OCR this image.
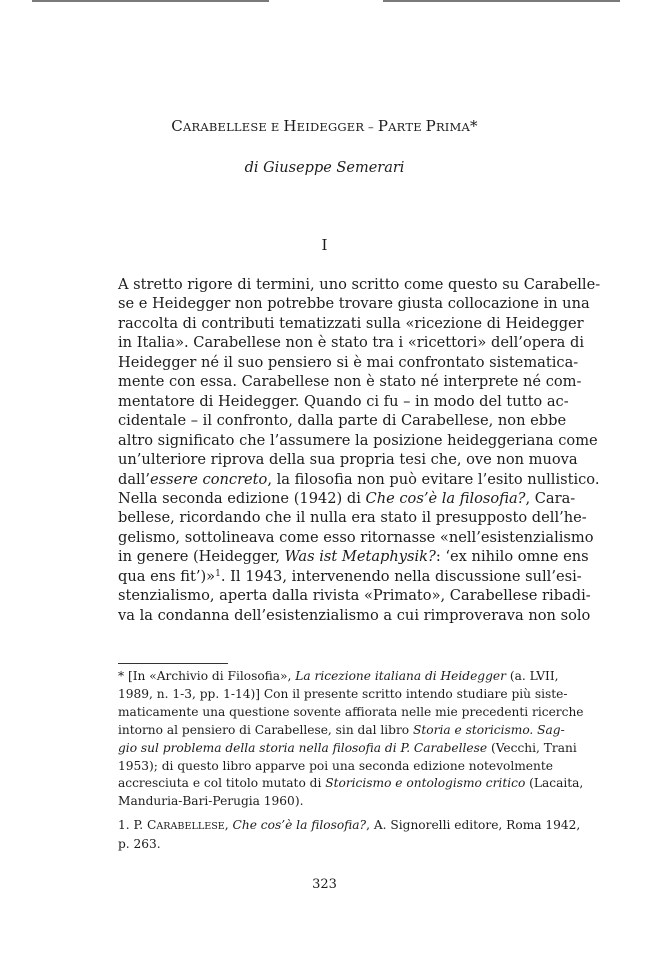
CARABELLESE E HEIDEGGER – PARTE PRIMA*
di Giuseppe Semerari
I
A stretto rigore di termini, uno scritto come questo su Carabelle-
se e Heidegger non potrebbe trovare giusta collocazione in una
raccolta di contributi tematizzati sulla «ricezione di Heidegger
in Italia». Carabellese non è stato tra i «ricettori» dell’opera di
Heidegger né il suo pensiero si è mai confrontato sistematica-
mente con essa. Carabellese non è stato né interprete né com-
mentatore di Heidegger. Quando ci fu – in modo del tutto ac-
cidentale – il confronto, dalla parte di Carabellese, non ebbe
altro significato che l’assumere la posizione heideggeriana come
un’ulteriore riprova della sua propria tesi che, ove non muova
dall’essere concreto, la filosofia non può evitare l’esito nullistico.
Nella seconda edizione (1942) di Che cos’è la filosofia?, Cara-
bellese, ricordando che il nulla era stato il presupposto dell’he-
gelismo, sottolineava come esso ritornasse «nell’esistenzialismo
in genere (Heidegger, Was ist Metaphysik?: ‘ex nihilo omne ens
qua ens fit’)»$^1$. Il 1943, intervenendo nella discussione sull’esi-
stenzialismo, aperta dalla rivista «Primato», Carabellese ribadi-
va la condanna dell’esistenzialismo a cui rimproverava non solo
* [In «Archivio di Filosofia», La ricezione italiana di Heidegger (a. LVII,
1989, n. 1-3, pp. 1-14)] Con il presente scritto intendo studiare più siste-
maticamente una questione sovente affiorata nelle mie precedenti ricerche
intorno al pensiero di Carabellese, sin dal libro Storia e storicismo. Sag-
gio sul problema della storia nella filosofia di P. Carabellese (Vecchi, Trani
1953); di questo libro apparve poi una seconda edizione notevolmente
accresciuta e col titolo mutato di Storicismo e ontologismo critico (Lacaita,
Manduria-Bari-Perugia 1960).
1. P. CARABELLESE, Che cos’è la filosofia?, A. Signorelli editore, Roma 1942,
p. 263.
323
